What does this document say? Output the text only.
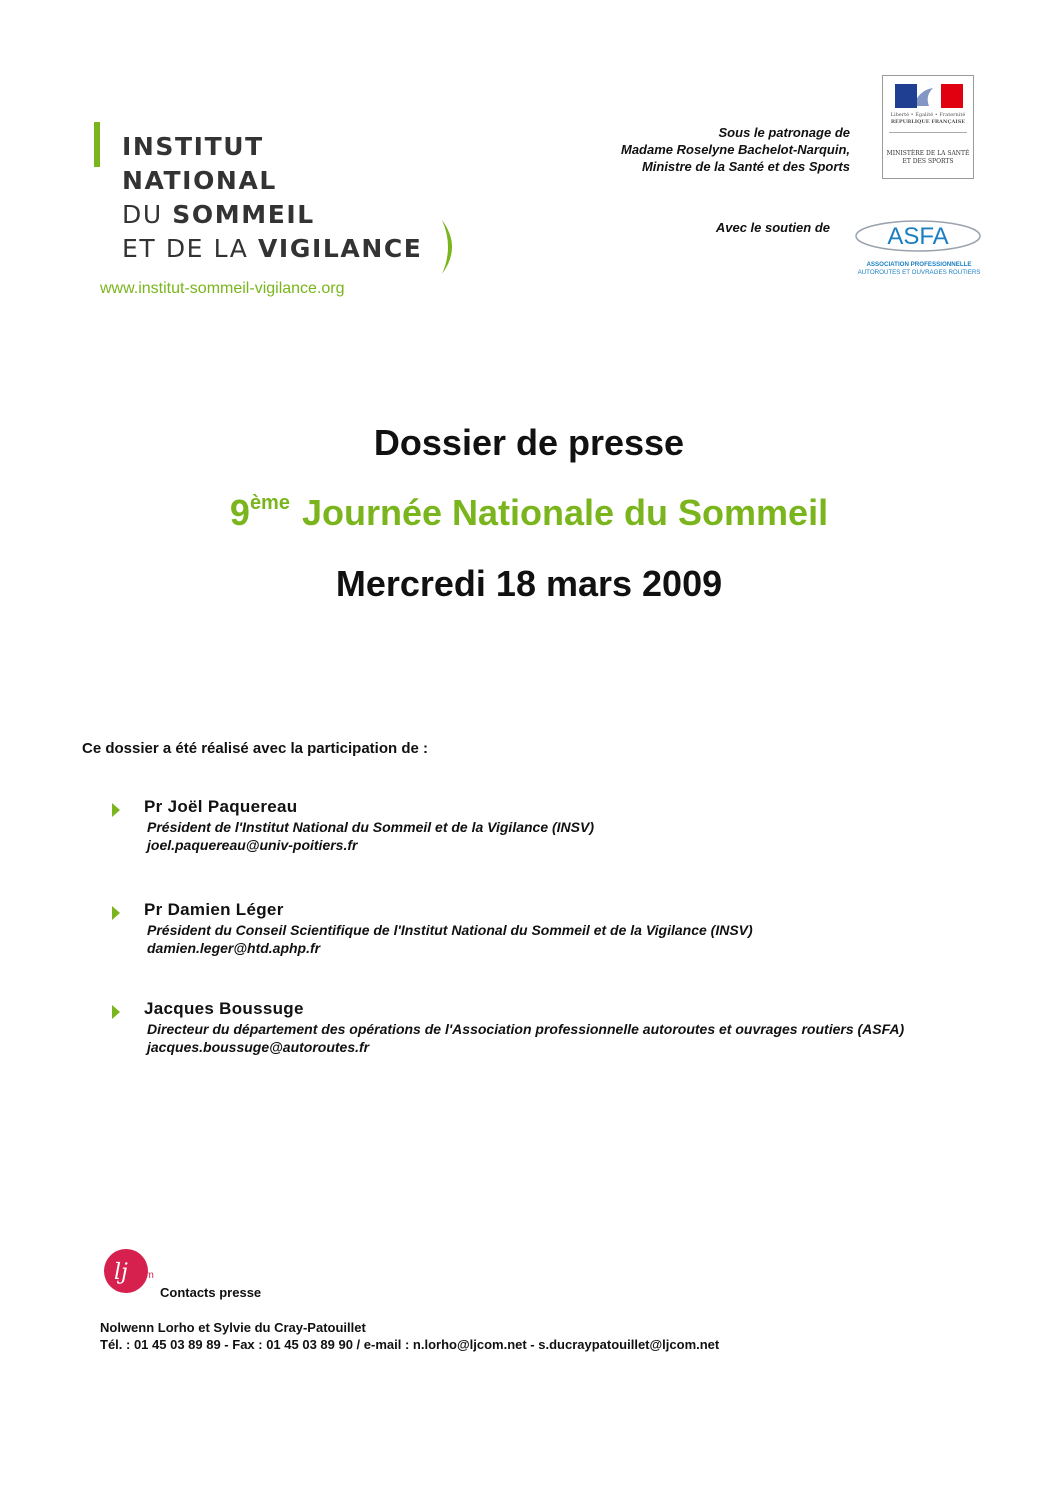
INSTITUT
NATIONAL
DU SOMMEIL
ET DE LA VIGILANCE
www.institut-sommeil-vigilance.org
Sous le patronage de
Madame Roselyne Bachelot-Narquin,
Ministre de la Santé et des Sports
Liberté • Égalité • Fraternité
RÉPUBLIQUE FRANÇAISE
MINISTÈRE DE LA SANTÉ
ET DES SPORTS
Avec le soutien de ASFA
ASSOCIATION PROFESSIONNELLE
AUTOROUTES ET OUVRAGES ROUTIERS
Dossier de presse
9ème Journée Nationale du Sommeil
Mercredi 18 mars 2009
Ce dossier a été réalisé avec la participation de :
Pr Joël Paquereau
Président de l'Institut National du Sommeil et de la Vigilance (INSV)
joel.paquereau@univ-poitiers.fr
Pr Damien Léger
Président du Conseil Scientifique de l'Institut National du Sommeil et de la Vigilance (INSV)
damien.leger@htd.aphp.fr
Jacques Boussuge
Directeur du département des opérations de l'Association professionnelle autoroutes et ouvrages routiers (ASFA)
jacques.boussuge@autoroutes.fr
lj com
Contacts presse
Nolwenn Lorho et Sylvie du Cray-Patouillet
Tél. : 01 45 03 89 89 - Fax : 01 45 03 89 90 / e-mail : n.lorho@ljcom.net - s.ducraypatouillet@ljcom.net
